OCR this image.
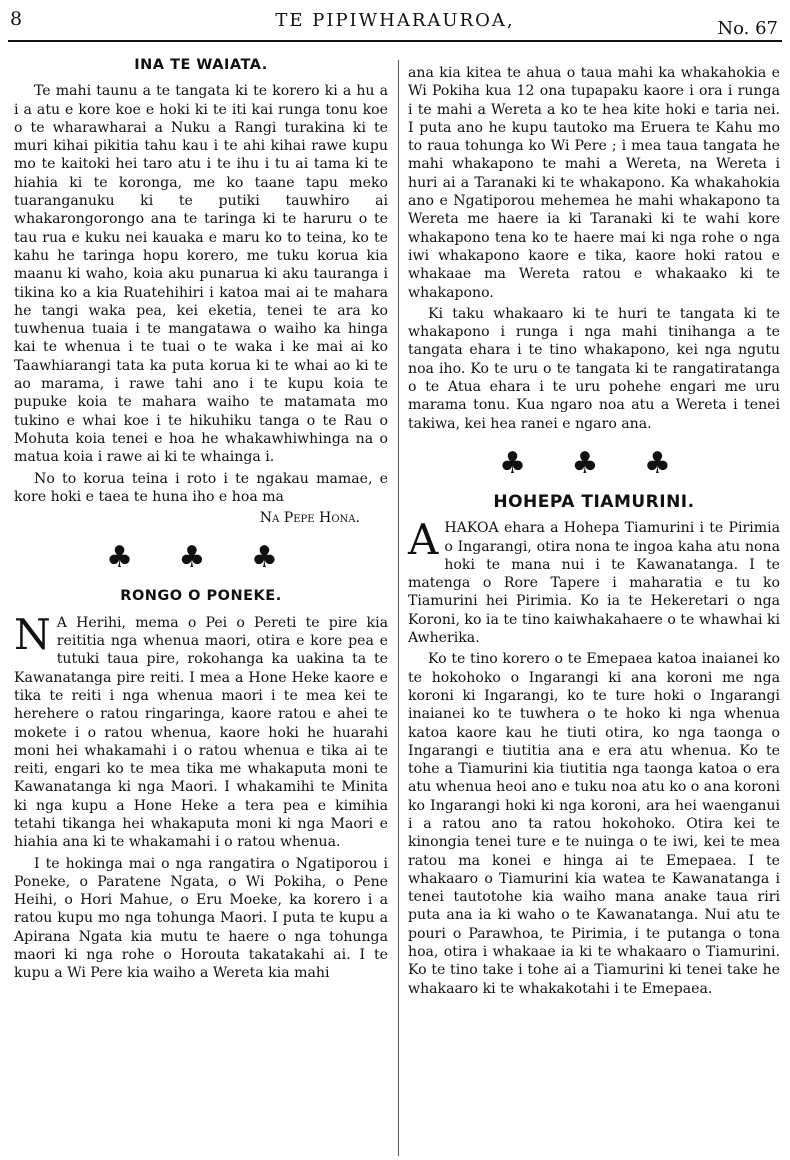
8	TE PIPIWHARAUROA,	No. 67
INA TE WAIATA.

Te mahi taunu a te tangata ki te korero ki a hu a i a atu e kore koe e hoki ki te iti kai runga tonu koe o te wharawharai a Nuku a Rangi turakina ki te muri kihai pikitia tahu kau i te ahi kihai rawe kupu mo te kaitoki hei taro atu i te ihu i tu ai tama ki te hiahia ki te koronga, me ko taane tapu meko tuaranganuku ki te putiki tauwhiro ai whakarongorongo ana te taringa ki te haruru o te tau rua e kuku nei kauaka e maru ko to teina, ko te kahu he taringa hopu korero, me tuku korua kia maanu ki waho, koia aku punarua ki aku tauranga i tikina ko a kia Ruatehihiri i katoa mai ai te mahara he tangi waka pea, kei eketia, tenei te ara ko tuwhenua tuaia i te mangatawa o waiho ka hinga kai te whenua i te tuai o te waka i ke mai ai ko Taawhiarangi tata ka puta korua ki te whai ao ki te ao marama, i rawe tahi ano i te kupu koia te pupuke koia te mahara waiho te matamata mo tukino e whai koe i te hikuhiku tanga o te Rau o Mohuta koia tenei e hoa he whakawhiwhinga na o matua koia i rawe ai ki te whainga i.

No to korua teina i roto i te ngakau mamae, e kore hoki e taea te huna iho e hoa ma

Na Pepe Hona.
♣ ♣ ♣
RONGO O PONEKE.

N A Herihi, mema o Pei o Pereti te pire kia reititia nga whenua maori, otira e kore pea e tutuki taua pire, rokohanga ka uakina ta te Kawanatanga pire reiti. I mea a Hone Heke kaore e tika te reiti i nga whenua maori i te mea kei te herehere o ratou ringaringa, kaore ratou e ahei te mokete i o ratou whenua, kaore hoki he huarahi moni hei whakamahi i o ratou whenua e tika ai te reiti, engari ko te mea tika me whakaputa moni te Kawanatanga ki nga Maori. I whakamihi te Minita ki nga kupu a Hone Heke a tera pea e kimihia tetahi tikanga hei whakaputa moni ki nga Maori e hiahia ana ki te whakamahi i o ratou whenua.

I te hokinga mai o nga rangatira o Ngatiporou i Poneke, o Paratene Ngata, o Wi Pokiha, o Pene Heihi, o Hori Mahue, o Eru Moeke, ka korero i a ratou kupu mo nga tohunga Maori. I puta te kupu a Apirana Ngata kia mutu te haere o nga tohunga maori ki nga rohe o Horouta takatakahi ai. I te kupu a Wi Pere kia waiho a Wereta kia mahi

ana kia kitea te ahua o taua mahi ka whakahokia e Wi Pokiha kua 12 ona tupapaku kaore i ora i runga i te mahi a Wereta a ko te hea kite hoki e taria nei. I puta ano he kupu tautoko ma Eruera te Kahu mo to raua tohunga ko Wi Pere ; i mea taua tangata he mahi whakapono te mahi a Wereta, na Wereta i huri ai a Taranaki ki te whakapono. Ka whakahokia ano e Ngatiporou mehemea he mahi whakapono ta Wereta me haere ia ki Taranaki ki te wahi kore whakapono tena ko te haere mai ki nga rohe o nga iwi whakapono kaore e tika, kaore hoki ratou e whakaae ma Wereta ratou e whakaako ki te whakapono.

Ki taku whakaaro ki te huri te tangata ki te whakapono i runga i nga mahi tinihanga a te tangata ehara i te tino whakapono, kei nga ngutu noa iho. Ko te uru o te tangata ki te rangatiratanga o te Atua ehara i te uru pohehe engari me uru marama tonu. Kua ngaro noa atu a Wereta i tenei takiwa, kei hea ranei e ngaro ana.

♣ ♣ ♣
HOHEPA TIAMURINI.

AHAKOA ehara a Hohepa Tiamurini i te Pirimia o Ingarangi, otira nona te ingoa kaha atu nona hoki te mana nui i te Kawanatanga. I te matenga o Rore Tapere i maharatia e tu ko Tiamurini hei Pirimia. Ko ia te Hekeretari o nga Koroni, ko ia te tino kaiwhakahaere o te whawhai ki Awherika.

Ko te tino korero o te Emepaea katoa inaianei ko te hokohoko o Ingarangi ki ana koroni me nga koroni ki Ingarangi, ko te ture hoki o Ingarangi inaianei ko te tuwhera o te hoko ki nga whenua katoa kaore kau he tiuti otira, ko nga taonga o Ingarangi e tiutitia ana e era atu whenua. Ko te tohe a Tiamurini kia tiutitia nga taonga katoa o era atu whenua heoi ano e tuku noa atu ko o ana koroni ko Ingarangi hoki ki nga koroni, ara hei waenganui i a ratou ano ta ratou hokohoko. Otira kei te kinongia tenei ture e te nuinga o te iwi, kei te mea ratou ma konei e hinga ai te Emepaea. I te whakaaro o Tiamurini kia watea te Kawanatanga i tenei tautotohe kia waiho mana anake taua riri puta ana ia ki waho o te Kawanatanga. Nui atu te pouri o Parawhoa, te Pirimia, i te putanga o tona hoa, otira i whakaae ia ki te whakaaro o Tiamurini. Ko te tino take i tohe ai a Tiamurini ki tenei take he whakaaro ki te whakakotahi i te Emepaea.
